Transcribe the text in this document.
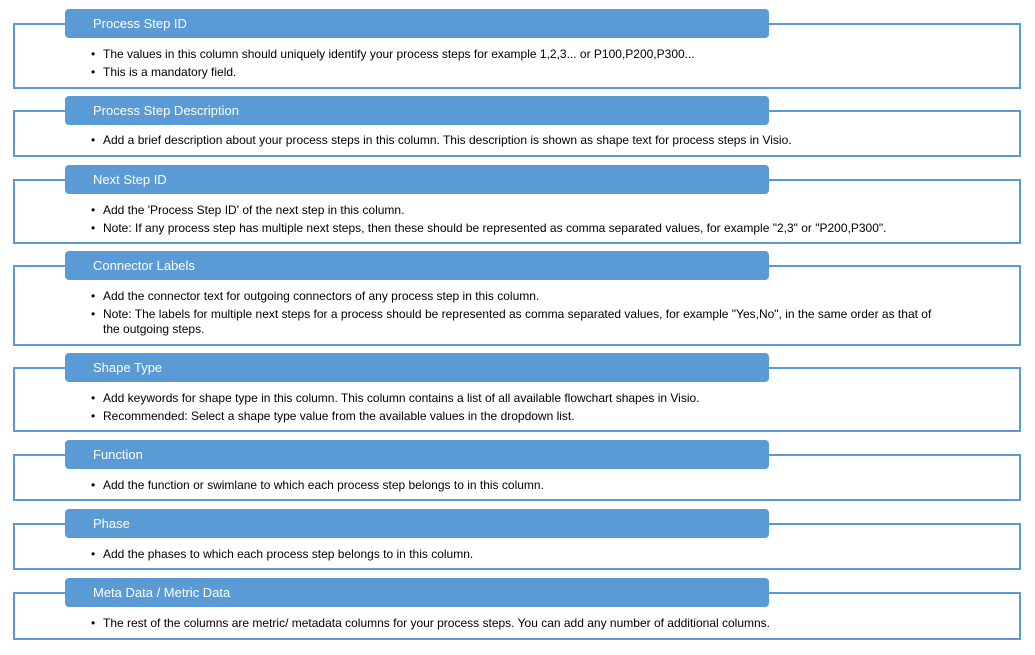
Process Step ID
• The values in this column should uniquely identify your process steps for example 1,2,3... or P100,P200,P300...
• This is a mandatory field.
Process Step Description
• Add a brief description about your process steps in this column. This description is shown as shape text for process steps in Visio.
Next Step ID
• Add the 'Process Step ID' of the next step in this column.
• Note: If any process step has multiple next steps, then these should be represented as comma separated values, for example "2,3" or "P200,P300".
Connector Labels
• Add the connector text for outgoing connectors of any process step in this column.
• Note: The labels for multiple next steps for a process should be represented as comma separated values, for example "Yes,No", in the same order as that of the outgoing steps.
Shape Type
• Add keywords for shape type in this column. This column contains a list of all available flowchart shapes in Visio.
• Recommended: Select a shape type value from the available values in the dropdown list.
Function
• Add the function or swimlane to which each process step belongs to in this column.
Phase
• Add the phases to which each process step belongs to in this column.
Meta Data / Metric Data
• The rest of the columns are metric/ metadata columns for your process steps. You can add any number of additional columns.
